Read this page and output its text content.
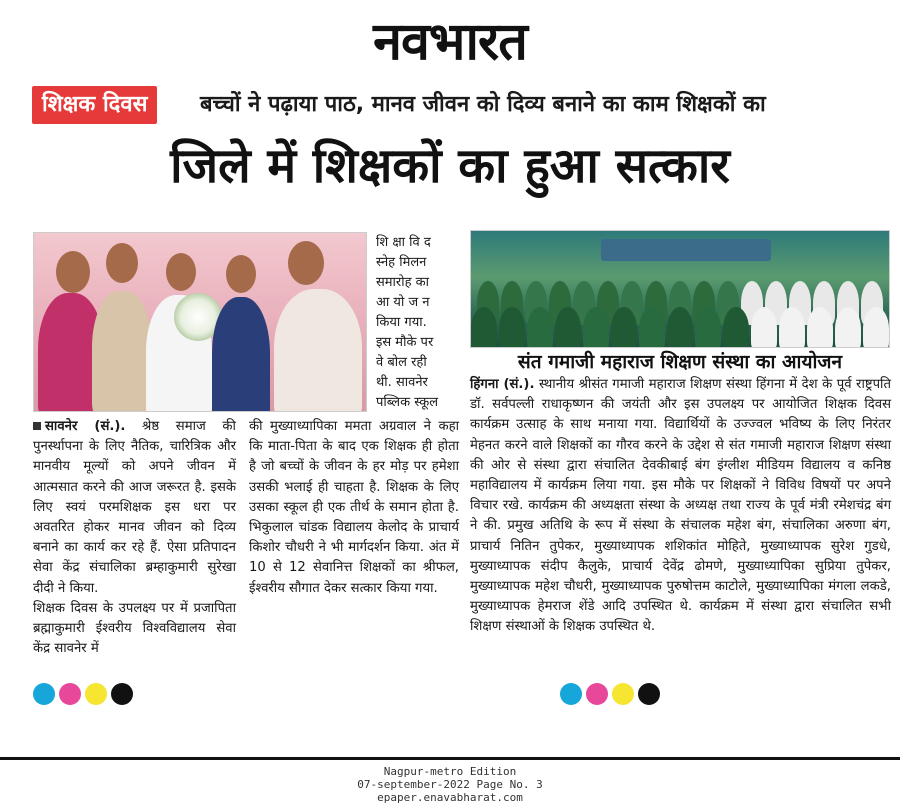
नवभारत
शिक्षक दिवस	बच्चों ने पढ़ाया पाठ, मानव जीवन को दिव्य बनाने का काम शिक्षकों का
जिले में शिक्षकों का हुआ सत्कार
शि क्षा वि द
स्नेह मिलन
समारोह का
आ यो ज न
किया गया.
इस मौके पर
वे बोल रही
थी. सावनेर
पब्लिक स्कूल

सावनेर (सं.). श्रेष्ठ समाज की पुनर्स्थापना के लिए नैतिक, चारित्रिक और मानवीय मूल्यों को अपने जीवन में आत्मसात करने की आज जरूरत है. इसके लिए स्वयं परमशिक्षक इस धरा पर अवतरित होकर मानव जीवन को दिव्य बनाने का कार्य कर रहे हैं. ऐसा प्रतिपादन सेवा केंद्र संचालिका ब्रम्हाकुमारी सुरेखा दीदी ने किया.

शिक्षक दिवस के उपलक्ष्य पर में प्रजापिता ब्रह्माकुमारी ईश्वरीय विश्वविद्यालय सेवा केंद्र सावनेर में

की मुख्याध्यापिका ममता अग्रवाल ने कहा कि माता-पिता के बाद एक शिक्षक ही होता है जो बच्चों के जीवन के हर मोड़ पर हमेशा उसकी भलाई ही चाहता है. शिक्षक के लिए उसका स्कूल ही एक तीर्थ के समान होता है. भिकुलाल चांडक विद्यालय केलोद के प्राचार्य किशोर चौधरी ने भी मार्गदर्शन किया. अंत में 10 से 12 सेवानित्त शिक्षकों का श्रीफल, ईश्वरीय सौगात देकर सत्कार किया गया.

संत गमाजी महाराज शिक्षण संस्था का आयोजन

हिंगना (सं.). स्थानीय श्रीसंत गमाजी महाराज शिक्षण संस्था हिंगना में देश के पूर्व राष्ट्रपति डॉ. सर्वपल्ली राधाकृष्णन की जयंती और इस उपलक्ष्य पर आयोजित शिक्षक दिवस कार्यक्रम उत्साह के साथ मनाया गया. विद्यार्थियों के उज्ज्वल भविष्य के लिए निरंतर मेहनत करने वाले शिक्षकों का गौरव करने के उद्देश से संत गमाजी महाराज शिक्षण संस्था की ओर से संस्था द्वारा संचालित देवकीबाई बंग इंग्लीश मीडियम विद्यालय व कनिष्ठ महाविद्यालय में कार्यक्रम लिया गया. इस मौके पर शिक्षकों ने विविध विषयों पर अपने विचार रखे. कार्यक्रम की अध्यक्षता संस्था के अध्यक्ष तथा राज्य के पूर्व मंत्री रमेशचंद्र बंग ने की. प्रमुख अतिथि के रूप में संस्था के संचालक महेश बंग, संचालिका अरुणा बंग, प्राचार्य नितिन तुपेकर, मुख्याध्यापक शशिकांत मोहिते, मुख्याध्यापक सुरेश गुडधे, मुख्याध्यापक संदीप कैलुके, प्राचार्य देवेंद्र ढोमणे, मुख्याध्यापिका सुप्रिया तुपेकर, मुख्याध्यापक महेश चौधरी, मुख्याध्यापक पुरुषोत्तम काटोले, मुख्याध्यापिका मंगला लकडे, मुख्याध्यापक हेमराज शेंडे आदि उपस्थित थे. कार्यक्रम में संस्था द्वारा संचालित सभी शिक्षण संस्थाओं के शिक्षक उपस्थित थे.

Nagpur-metro Edition
07-september-2022 Page No. 3
epaper.enavabharat.com
